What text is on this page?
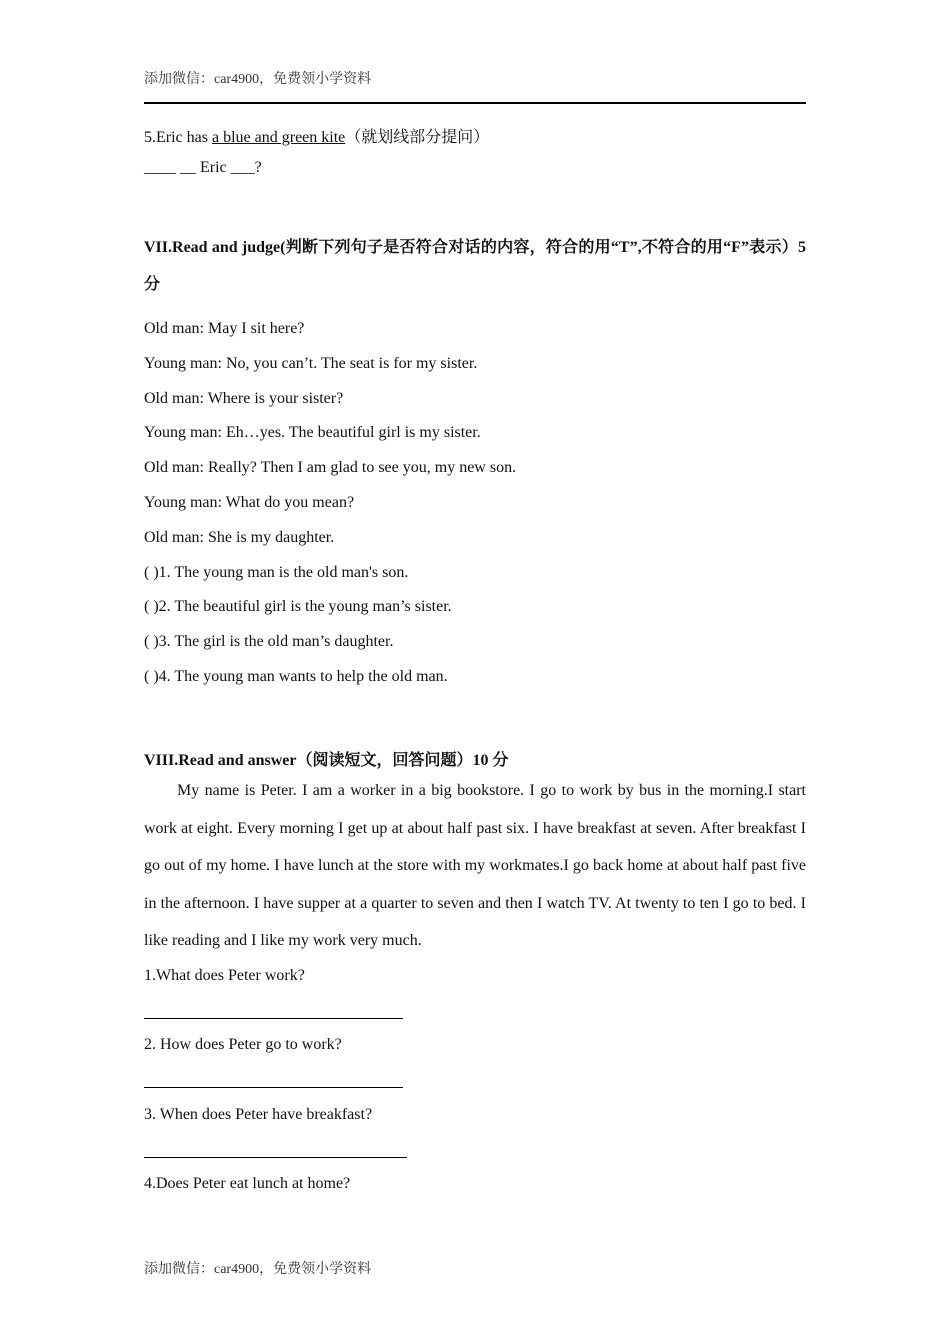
添加微信：car4900，免费领小学资料
5.Eric has a blue and green kite（就划线部分提问）
____ __ Eric ___?
VII.Read and judge(判断下列句子是否符合对话的内容，符合的用“T”,不符合的用“F”表示）5 分
Old man: May I sit here?
Young man: No, you can’t. The seat is for my sister.
Old man: Where is your sister?
Young man: Eh…yes. The beautiful girl is my sister.
Old man: Really? Then I am glad to see you, my new son.
Young man: What do you mean?
Old man: She is my daughter.
( )1. The young man is the old man's son.
( )2. The beautiful girl is the young man’s sister.
( )3. The girl is the old man’s daughter.
( )4. The young man wants to help the old man.
VIII.Read and answer（阅读短文，回答问题）10 分
My name is Peter. I am a worker in a big bookstore. I go to work by bus in the morning.I start work at eight. Every morning I get up at about half past six. I have breakfast at seven. After breakfast I go out of my home. I have lunch at the store with my workmates.I go back home at about half past five in the afternoon. I have supper at a quarter to seven and then I watch TV. At twenty to ten I go to bed. I like reading and I like my work very much.
1.What does Peter work?
2. How does Peter go to work?
3. When does Peter have breakfast?
4.Does Peter eat lunch at home?
添加微信：car4900，免费领小学资料
